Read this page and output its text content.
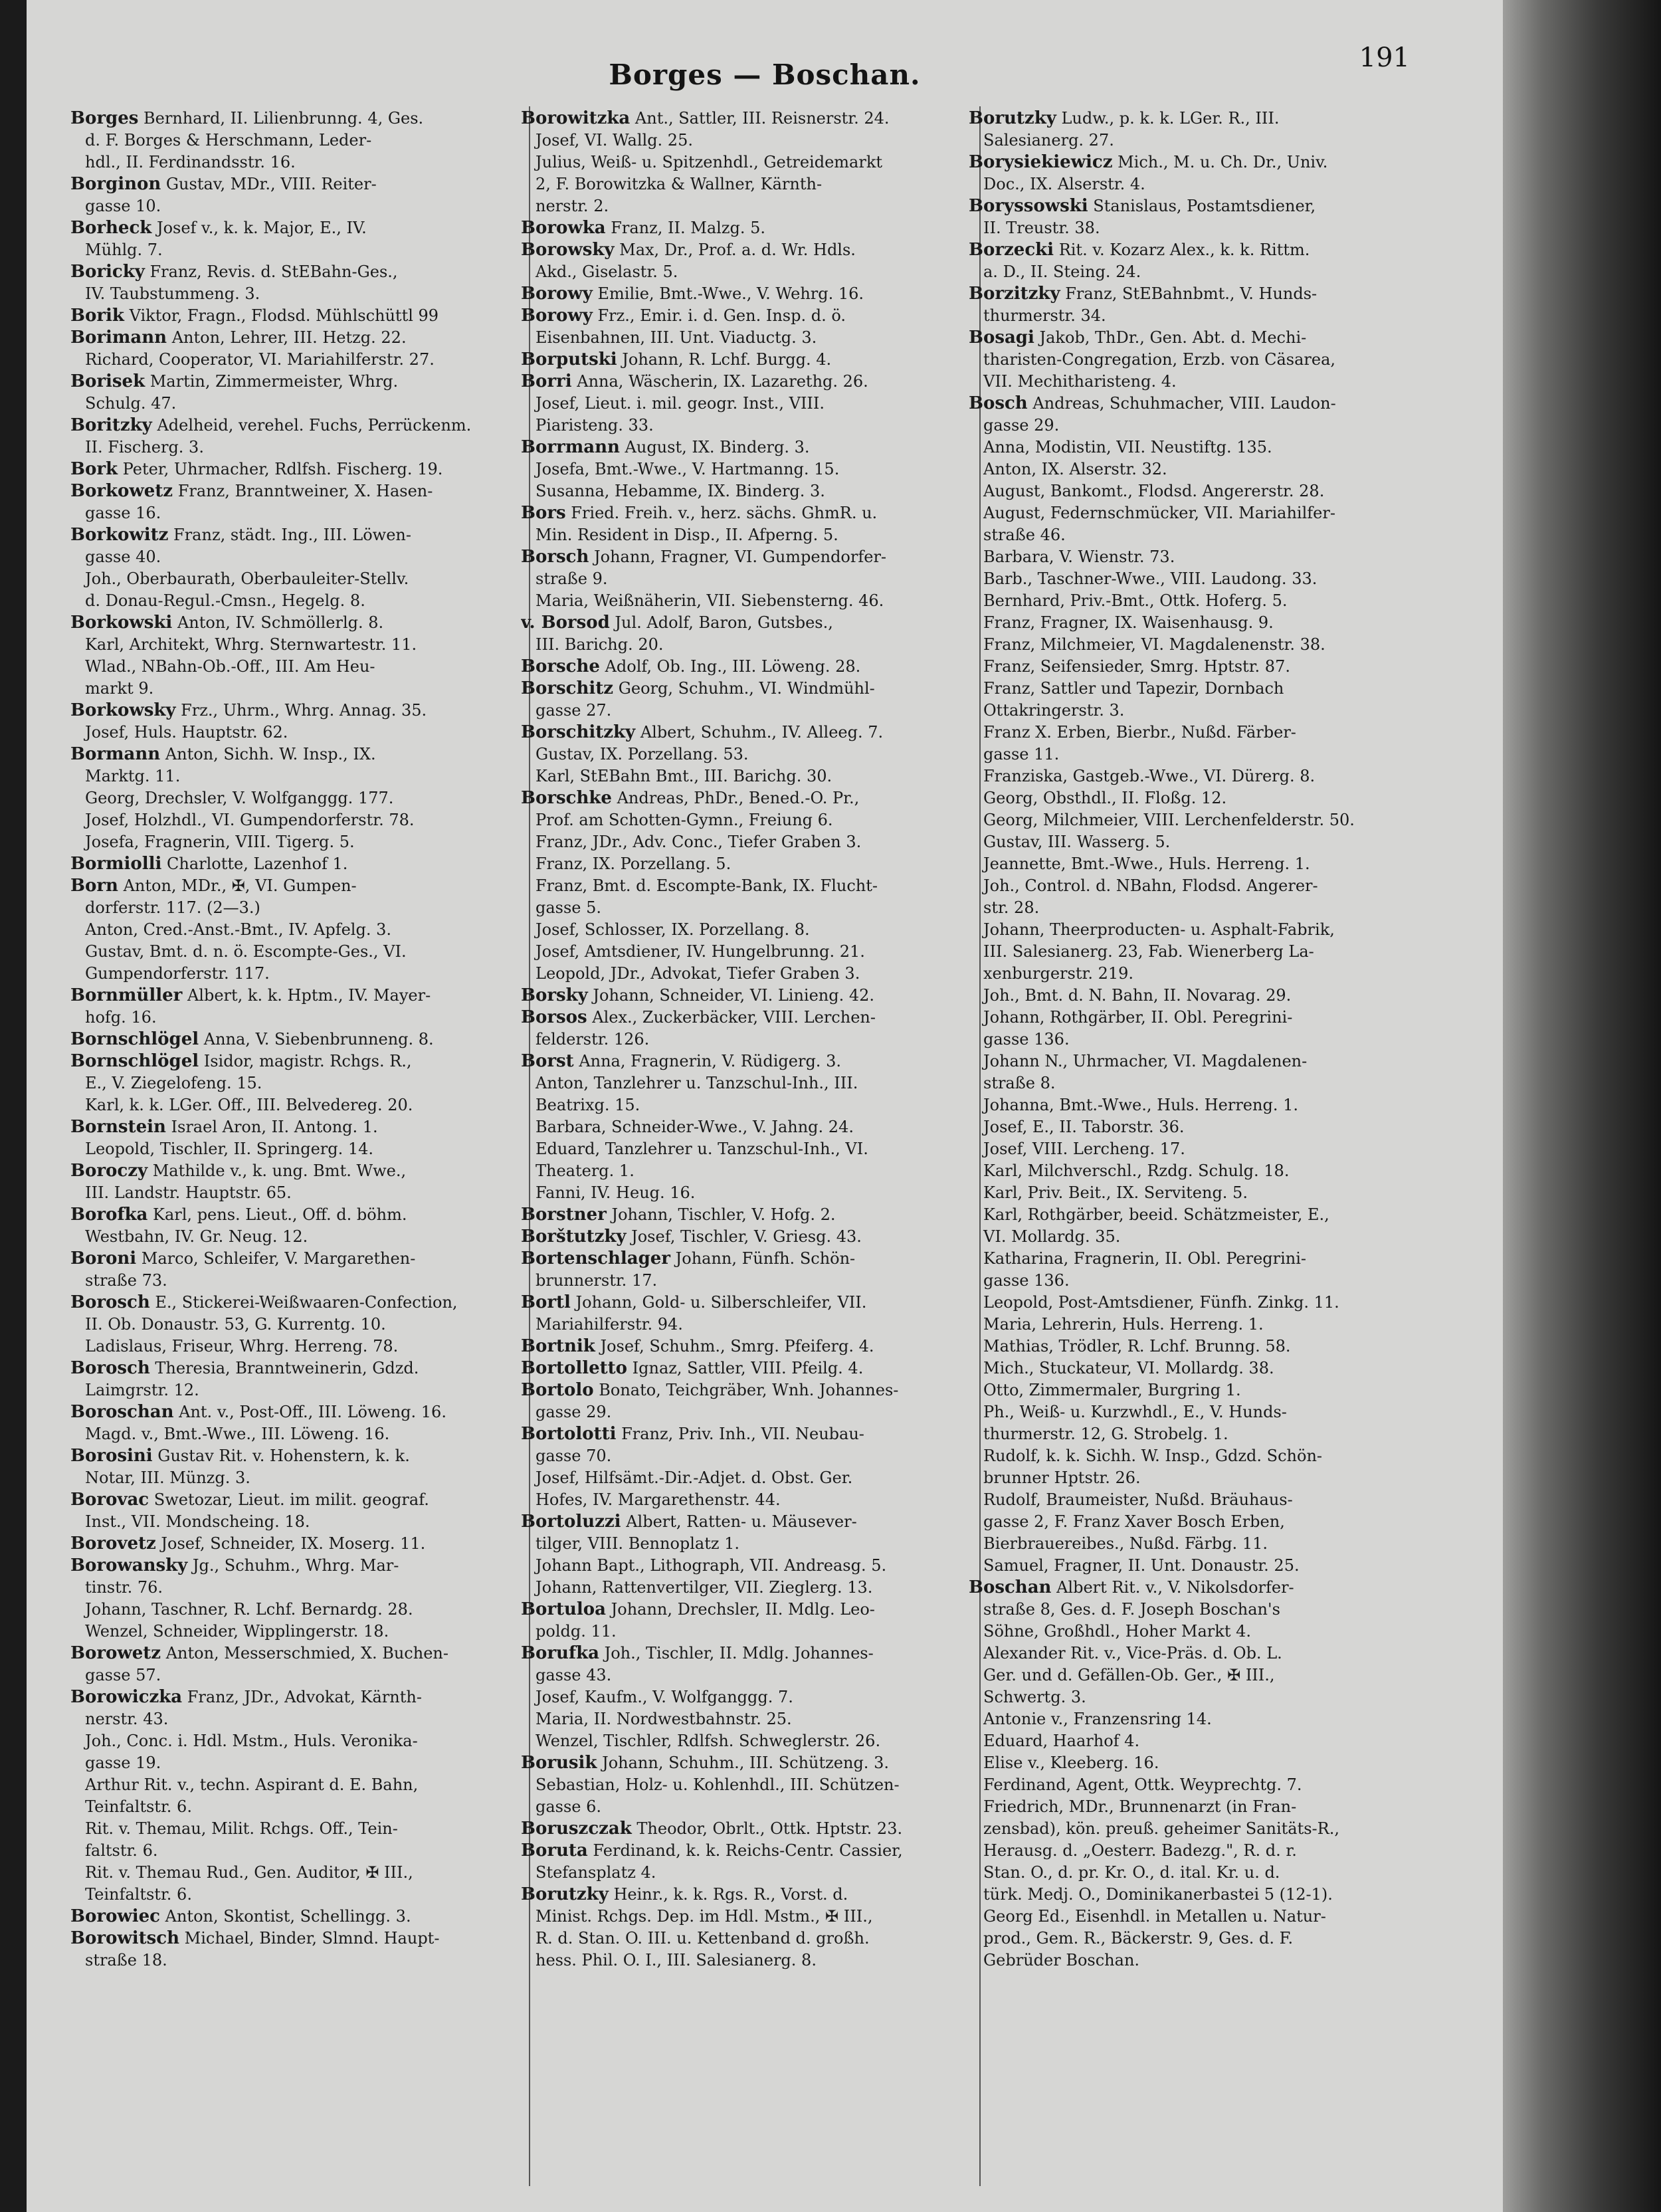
Borges — Boschan.
191
Borges Bernhard, II. Lilienbrunng. 4, Ges.
d. F. Borges & Herschmann, Leder-
hdl., II. Ferdinandsstr. 16.
Borginon Gustav, MDr., VIII. Reiter-
gasse 10.
Borheck Josef v., k. k. Major, E., IV.
Mühlg. 7.
Boricky Franz, Revis. d. StEBahn-Ges.,
IV. Taubstummeng. 3.
Borik Viktor, Fragn., Flodsd. Mühlschüttl 99
Borimann Anton, Lehrer, III. Hetzg. 22.
Richard, Cooperator, VI. Mariahilferstr. 27.
Borisek Martin, Zimmermeister, Whrg.
Schulg. 47.
Boritzky Adelheid, verehel. Fuchs, Perrückenm.
II. Fischerg. 3.
Bork Peter, Uhrmacher, Rdlfsh. Fischerg. 19.
Borkowetz Franz, Branntweiner, X. Hasen-
gasse 16.
Borkowitz Franz, städt. Ing., III. Löwen-
gasse 40.
Joh., Oberbaurath, Oberbauleiter-Stellv.
d. Donau-Regul.-Cmsn., Hegelg. 8.
Borkowski Anton, IV. Schmöllerlg. 8.
Karl, Architekt, Whrg. Sternwartestr. 11.
Wlad., NBahn-Ob.-Off., III. Am Heu-
markt 9.
Borkowsky Frz., Uhrm., Whrg. Annag. 35.
Josef, Huls. Hauptstr. 62.
Bormann Anton, Sichh. W. Insp., IX.
Marktg. 11.
Georg, Drechsler, V. Wolfganggg. 177.
Josef, Holzhdl., VI. Gumpendorferstr. 78.
Josefa, Fragnerin, VIII. Tigerg. 5.
Bormiolli Charlotte, Lazenhof 1.
Born Anton, MDr., ✠, VI. Gumpen-
dorferstr. 117. (2—3.)
Anton, Cred.-Anst.-Bmt., IV. Apfelg. 3.
Gustav, Bmt. d. n. ö. Escompte-Ges., VI.
Gumpendorferstr. 117.
Bornmüller Albert, k. k. Hptm., IV. Mayer-
hofg. 16.
Bornschlögel Anna, V. Siebenbrunneng. 8.
Bornschlögel Isidor, magistr. Rchgs. R.,
E., V. Ziegelofeng. 15.
Karl, k. k. LGer. Off., III. Belvedereg. 20.
Bornstein Israel Aron, II. Antong. 1.
Leopold, Tischler, II. Springerg. 14.
Boroczy Mathilde v., k. ung. Bmt. Wwe.,
III. Landstr. Hauptstr. 65.
Borofka Karl, pens. Lieut., Off. d. böhm.
Westbahn, IV. Gr. Neug. 12.
Boroni Marco, Schleifer, V. Margarethen-
straße 73.
Borosch E., Stickerei-Weißwaaren-Confection,
II. Ob. Donaustr. 53, G. Kurrentg. 10.
Ladislaus, Friseur, Whrg. Herreng. 78.
Borosch Theresia, Branntweinerin, Gdzd.
Laimgrstr. 12.
Boroschan Ant. v., Post-Off., III. Löweng. 16.
Magd. v., Bmt.-Wwe., III. Löweng. 16.
Borosini Gustav Rit. v. Hohenstern, k. k.
Notar, III. Münzg. 3.
Borovac Swetozar, Lieut. im milit. geograf.
Inst., VII. Mondscheing. 18.
Borovetz Josef, Schneider, IX. Moserg. 11.
Borowansky Jg., Schuhm., Whrg. Mar-
tinstr. 76.
Johann, Taschner, R. Lchf. Bernardg. 28.
Wenzel, Schneider, Wipplingerstr. 18.
Borowetz Anton, Messerschmied, X. Buchen-
gasse 57.
Borowiczka Franz, JDr., Advokat, Kärnth-
nerstr. 43.
Joh., Conc. i. Hdl. Mstm., Huls. Veronika-
gasse 19.
Arthur Rit. v., techn. Aspirant d. E. Bahn,
Teinfaltstr. 6.
Rit. v. Themau, Milit. Rchgs. Off., Tein-
faltstr. 6.
Rit. v. Themau Rud., Gen. Auditor, ✠ III.,
Teinfaltstr. 6.
Borowiec Anton, Skontist, Schellingg. 3.
Borowitsch Michael, Binder, Slmnd. Haupt-
straße 18.
Borowitzka Ant., Sattler, III. Reisnerstr. 24.
Josef, VI. Wallg. 25.
Julius, Weiß- u. Spitzenhdl., Getreidemarkt
2, F. Borowitzka & Wallner, Kärnth-
nerstr. 2.
Borowka Franz, II. Malzg. 5.
Borowsky Max, Dr., Prof. a. d. Wr. Hdls.
Akd., Giselastr. 5.
Borowy Emilie, Bmt.-Wwe., V. Wehrg. 16.
Borowy Frz., Emir. i. d. Gen. Insp. d. ö.
Eisenbahnen, III. Unt. Viaductg. 3.
Borputski Johann, R. Lchf. Burgg. 4.
Borri Anna, Wäscherin, IX. Lazarethg. 26.
Josef, Lieut. i. mil. geogr. Inst., VIII.
Piaristeng. 33.
Borrmann August, IX. Binderg. 3.
Josefa, Bmt.-Wwe., V. Hartmanng. 15.
Susanna, Hebamme, IX. Binderg. 3.
Bors Fried. Freih. v., herz. sächs. GhmR. u.
Min. Resident in Disp., II. Afperng. 5.
Borsch Johann, Fragner, VI. Gumpendorfer-
straße 9.
Maria, Weißnäherin, VII. Siebensterng. 46.
v. Borsod Jul. Adolf, Baron, Gutsbes.,
III. Barichg. 20.
Borsche Adolf, Ob. Ing., III. Löweng. 28.
Borschitz Georg, Schuhm., VI. Windmühl-
gasse 27.
Borschitzky Albert, Schuhm., IV. Alleeg. 7.
Gustav, IX. Porzellang. 53.
Karl, StEBahn Bmt., III. Barichg. 30.
Borschke Andreas, PhDr., Bened.-O. Pr.,
Prof. am Schotten-Gymn., Freiung 6.
Franz, JDr., Adv. Conc., Tiefer Graben 3.
Franz, IX. Porzellang. 5.
Franz, Bmt. d. Escompte-Bank, IX. Flucht-
gasse 5.
Josef, Schlosser, IX. Porzellang. 8.
Josef, Amtsdiener, IV. Hungelbrunng. 21.
Leopold, JDr., Advokat, Tiefer Graben 3.
Borsky Johann, Schneider, VI. Linieng. 42.
Borsos Alex., Zuckerbäcker, VIII. Lerchen-
felderstr. 126.
Borst Anna, Fragnerin, V. Rüdigerg. 3.
Anton, Tanzlehrer u. Tanzschul-Inh., III.
Beatrixg. 15.
Barbara, Schneider-Wwe., V. Jahng. 24.
Eduard, Tanzlehrer u. Tanzschul-Inh., VI.
Theaterg. 1.
Fanni, IV. Heug. 16.
Borstner Johann, Tischler, V. Hofg. 2.
Borštutzky Josef, Tischler, V. Griesg. 43.
Bortenschlager Johann, Fünfh. Schön-
brunnerstr. 17.
Bortl Johann, Gold- u. Silberschleifer, VII.
Mariahilferstr. 94.
Bortnik Josef, Schuhm., Smrg. Pfeiferg. 4.
Bortolletto Ignaz, Sattler, VIII. Pfeilg. 4.
Bortolo Bonato, Teichgräber, Wnh. Johannes-
gasse 29.
Bortolotti Franz, Priv. Inh., VII. Neubau-
gasse 70.
Josef, Hilfsämt.-Dir.-Adjet. d. Obst. Ger.
Hofes, IV. Margarethenstr. 44.
Bortoluzzi Albert, Ratten- u. Mäusever-
tilger, VIII. Bennoplatz 1.
Johann Bapt., Lithograph, VII. Andreasg. 5.
Johann, Rattenvertilger, VII. Zieglerg. 13.
Bortuloa Johann, Drechsler, II. Mdlg. Leo-
poldg. 11.
Borufka Joh., Tischler, II. Mdlg. Johannes-
gasse 43.
Josef, Kaufm., V. Wolfganggg. 7.
Maria, II. Nordwestbahnstr. 25.
Wenzel, Tischler, Rdlfsh. Schweglerstr. 26.
Borusik Johann, Schuhm., III. Schützeng. 3.
Sebastian, Holz- u. Kohlenhdl., III. Schützen-
gasse 6.
Boruszczak Theodor, Obrlt., Ottk. Hptstr. 23.
Boruta Ferdinand, k. k. Reichs-Centr. Cassier,
Stefansplatz 4.
Borutzky Heinr., k. k. Rgs. R., Vorst. d.
Minist. Rchgs. Dep. im Hdl. Mstm., ✠ III.,
R. d. Stan. O. III. u. Kettenband d. großh.
hess. Phil. O. I., III. Salesianerg. 8.
Borutzky Ludw., p. k. k. LGer. R., III.
Salesianerg. 27.
Borysiekiewicz Mich., M. u. Ch. Dr., Univ.
Doc., IX. Alserstr. 4.
Boryssowski Stanislaus, Postamtsdiener,
II. Treustr. 38.
Borzecki Rit. v. Kozarz Alex., k. k. Rittm.
a. D., II. Steing. 24.
Borzitzky Franz, StEBahnbmt., V. Hunds-
thurmerstr. 34.
Bosagi Jakob, ThDr., Gen. Abt. d. Mechi-
tharisten-Congregation, Erzb. von Cäsarea,
VII. Mechitharisteng. 4.
Bosch Andreas, Schuhmacher, VIII. Laudon-
gasse 29.
Anna, Modistin, VII. Neustiftg. 135.
Anton, IX. Alserstr. 32.
August, Bankomt., Flodsd. Angererstr. 28.
August, Federnschmücker, VII. Mariahilfer-
straße 46.
Barbara, V. Wienstr. 73.
Barb., Taschner-Wwe., VIII. Laudong. 33.
Bernhard, Priv.-Bmt., Ottk. Hoferg. 5.
Franz, Fragner, IX. Waisenhausg. 9.
Franz, Milchmeier, VI. Magdalenenstr. 38.
Franz, Seifensieder, Smrg. Hptstr. 87.
Franz, Sattler und Tapezir, Dornbach
Ottakringerstr. 3.
Franz X. Erben, Bierbr., Nußd. Färber-
gasse 11.
Franziska, Gastgeb.-Wwe., VI. Dürerg. 8.
Georg, Obsthdl., II. Floßg. 12.
Georg, Milchmeier, VIII. Lerchenfelderstr. 50.
Gustav, III. Wasserg. 5.
Jeannette, Bmt.-Wwe., Huls. Herreng. 1.
Joh., Control. d. NBahn, Flodsd. Angerer-
str. 28.
Johann, Theerproducten- u. Asphalt-Fabrik,
III. Salesianerg. 23, Fab. Wienerberg La-
xenburgerstr. 219.
Joh., Bmt. d. N. Bahn, II. Novarag. 29.
Johann, Rothgärber, II. Obl. Peregrini-
gasse 136.
Johann N., Uhrmacher, VI. Magdalenen-
straße 8.
Johanna, Bmt.-Wwe., Huls. Herreng. 1.
Josef, E., II. Taborstr. 36.
Josef, VIII. Lercheng. 17.
Karl, Milchverschl., Rzdg. Schulg. 18.
Karl, Priv. Beit., IX. Serviteng. 5.
Karl, Rothgärber, beeid. Schätzmeister, E.,
VI. Mollardg. 35.
Katharina, Fragnerin, II. Obl. Peregrini-
gasse 136.
Leopold, Post-Amtsdiener, Fünfh. Zinkg. 11.
Maria, Lehrerin, Huls. Herreng. 1.
Mathias, Trödler, R. Lchf. Brunng. 58.
Mich., Stuckateur, VI. Mollardg. 38.
Otto, Zimmermaler, Burgring 1.
Ph., Weiß- u. Kurzwhdl., E., V. Hunds-
thurmerstr. 12, G. Strobelg. 1.
Rudolf, k. k. Sichh. W. Insp., Gdzd. Schön-
brunner Hptstr. 26.
Rudolf, Braumeister, Nußd. Bräuhaus-
gasse 2, F. Franz Xaver Bosch Erben,
Bierbrauereibes., Nußd. Färbg. 11.
Samuel, Fragner, II. Unt. Donaustr. 25.
Boschan Albert Rit. v., V. Nikolsdorfer-
straße 8, Ges. d. F. Joseph Boschan's
Söhne, Großhdl., Hoher Markt 4.
Alexander Rit. v., Vice-Präs. d. Ob. L.
Ger. und d. Gefällen-Ob. Ger., ✠ III.,
Schwertg. 3.
Antonie v., Franzensring 14.
Eduard, Haarhof 4.
Elise v., Kleeberg. 16.
Ferdinand, Agent, Ottk. Weyprechtg. 7.
Friedrich, MDr., Brunnenarzt (in Fran-
zensbad), kön. preuß. geheimer Sanitäts-R.,
Herausg. d. „Oesterr. Badezg.", R. d. r.
Stan. O., d. pr. Kr. O., d. ital. Kr. u. d.
türk. Medj. O., Dominikanerbastei 5 (12-1).
Georg Ed., Eisenhdl. in Metallen u. Natur-
prod., Gem. R., Bäckerstr. 9, Ges. d. F.
Gebrüder Boschan.
